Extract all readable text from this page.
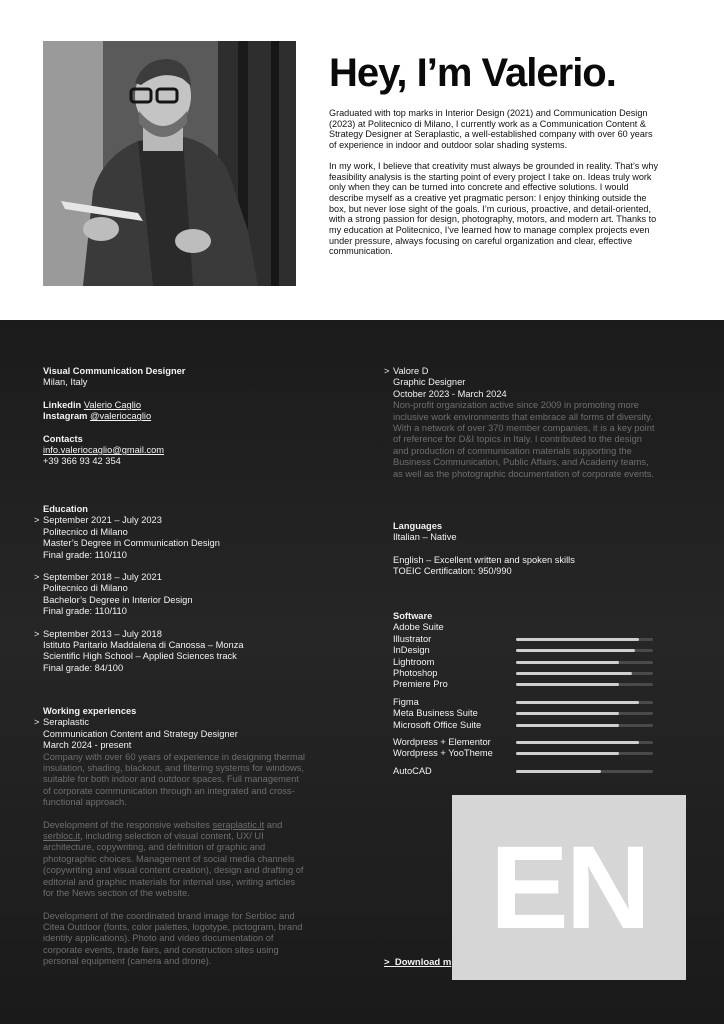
Hey, I’m Valerio.

Graduated with top marks in Interior Design (2021) and Communication Design (2023) at Politecnico di Milano, I currently work as a Communication Content & Strategy Designer at Seraplastic, a well-established company with over 60 years of experience in indoor and outdoor solar shading systems.

In my work, I believe that creativity must always be grounded in reality. That’s why feasibility analysis is the starting point of every project I take on. Ideas truly work only when they can be turned into concrete and effective solutions. I would describe myself as a creative yet pragmatic person: I enjoy thinking outside the box, but never lose sight of the goals. I’m curious, proactive, and detail-oriented, with a strong passion for design, photography, motors, and modern art. Thanks to my education at Politecnico, I’ve learned how to manage complex projects even under pressure, always focusing on careful organization and clear, effective communication.

Visual Communication Designer
Milan, Italy
Linkedin Valerio Caglio
Instagram @valeriocaglio
Contacts
info.valeriocaglio@gmail.com
+39 366 93 42 354
Education
> September 2021 – July 2023
Politecnico di Milano
Master’s Degree in Communication Design
Final grade: 110/110
> September 2018 – July 2021
Politecnico di Milano
Bachelor’s Degree in Interior Design
Final grade: 110/110
> September 2013 – July 2018
Istituto Paritario Maddalena di Canossa – Monza
Scientific High School – Applied Sciences track
Final grade: 84/100
Working experiences
> Seraplastic
Communication Content and Strategy Designer
March 2024 - present
Company with over 60 years of experience in designing thermal insulation, shading, blackout, and filtering systems for windows, suitable for both indoor and outdoor spaces. Full management of corporate communication through an integrated and cross-functional approach.
Development of the responsive websites seraplastic.it and serbloc.it, including selection of visual content, UX/ UI architecture, copywriting, and definition of graphic and photographic choices. Management of social media channels (copywriting and visual content creation), design and drafting of editorial and graphic materials for internal use, writing articles for the News section of the website.
Development of the coordinated brand image for Serbloc and Citea Outdoor (fonts, color palettes, logotype, pictogram, brand identity applications). Photo and video documentation of corporate events, trade fairs, and construction sites using personal equipment (camera and drone).
> Valore D
Graphic Designer
October 2023 - March 2024
Non-profit organization active since 2009 in promoting more inclusive work environments that embrace all forms of diversity. With a network of over 370 member companies, it is a key point of reference for D&I topics in Italy. I contributed to the design and production of communication materials supporting the Business Communication, Public Affairs, and Academy teams, as well as the photographic documentation of corporate events.
Languages
Iltalian – Native
English – Excellent written and spoken skills
TOEIC Certification: 950/990
Software
Adobe Suite
Illustrator
InDesign
Lightroom
Photoshop
Premiere Pro
Figma
Meta Business Suite
Microsoft Office Suite
Wordpress + Elementor
Wordpress + YooTheme
AutoCAD
> Download m
EN
